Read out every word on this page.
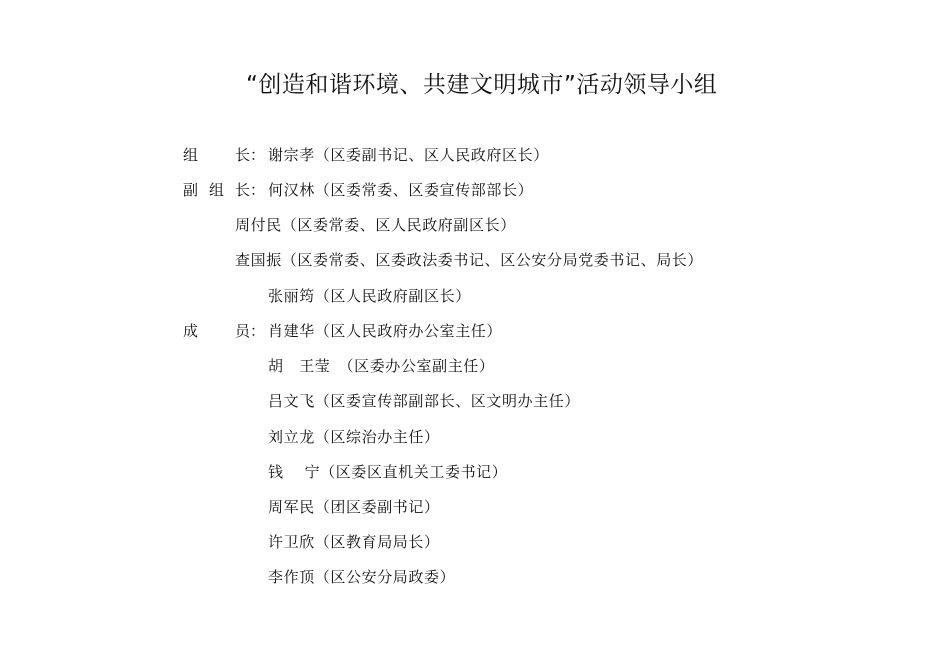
“创造和谐环境、共建文明城市”活动领导小组
组 长： 谢宗孝（区委副书记、区人民政府区长）
副 组 长： 何汉林（区委常委、区委宣传部部长）
周付民（区委常委、区人民政府副区长）
查国振（区委常委、区委政法委书记、区公安分局党委书记、局长）
张丽筠（区人民政府副区长）
成 员： 肖建华（区人民政府办公室主任）
胡　王莹　（区委办公室副主任）
吕文飞（区委宣传部副部长、区文明办主任）
刘立龙（区综治办主任）
钱　 宁（区委区直机关工委书记）
周军民（团区委副书记）
许卫欣（区教育局局长）
李作顶（区公安分局政委）
